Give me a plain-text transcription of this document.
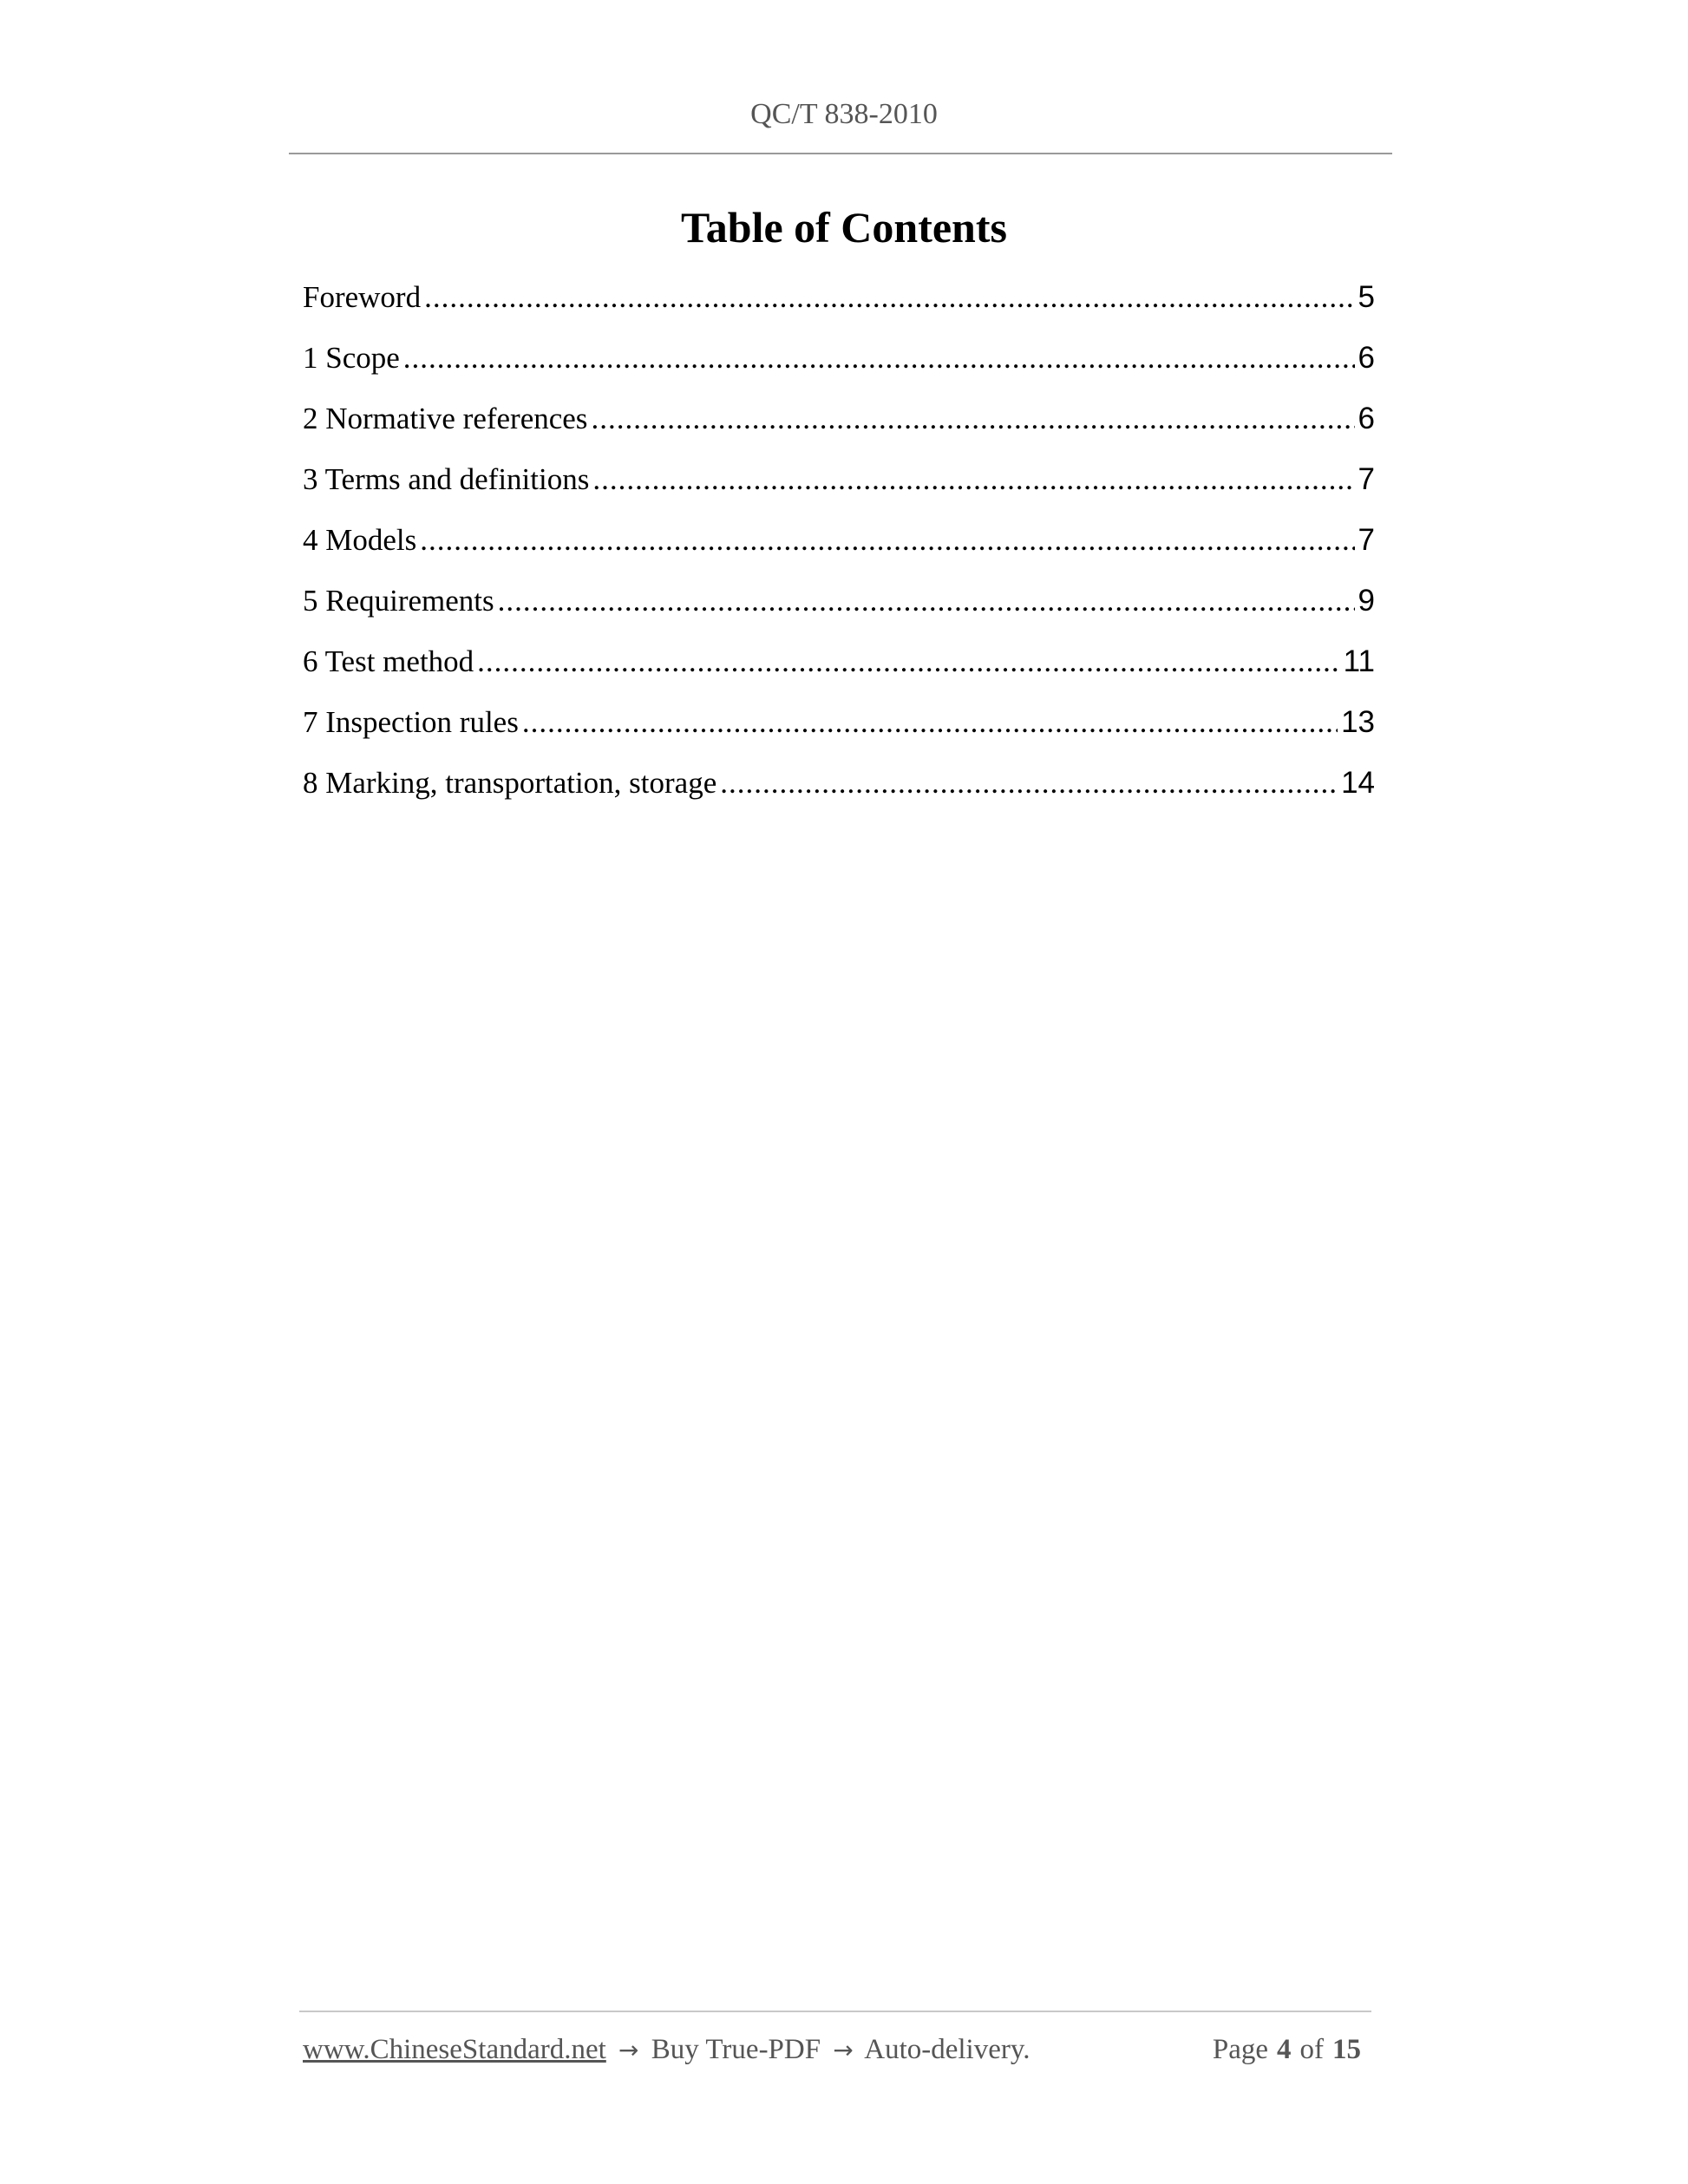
QC/T 838-2010
Table of Contents
Foreword .....	5
1 Scope .....	6
2 Normative references .....	6
3 Terms and definitions .....	7
4 Models .....	7
5 Requirements .....	9
6 Test method .....	11
7 Inspection rules .....	13
8 Marking, transportation, storage .....	14
www.ChineseStandard.net → Buy True-PDF → Auto-delivery.	Page 4 of 15
